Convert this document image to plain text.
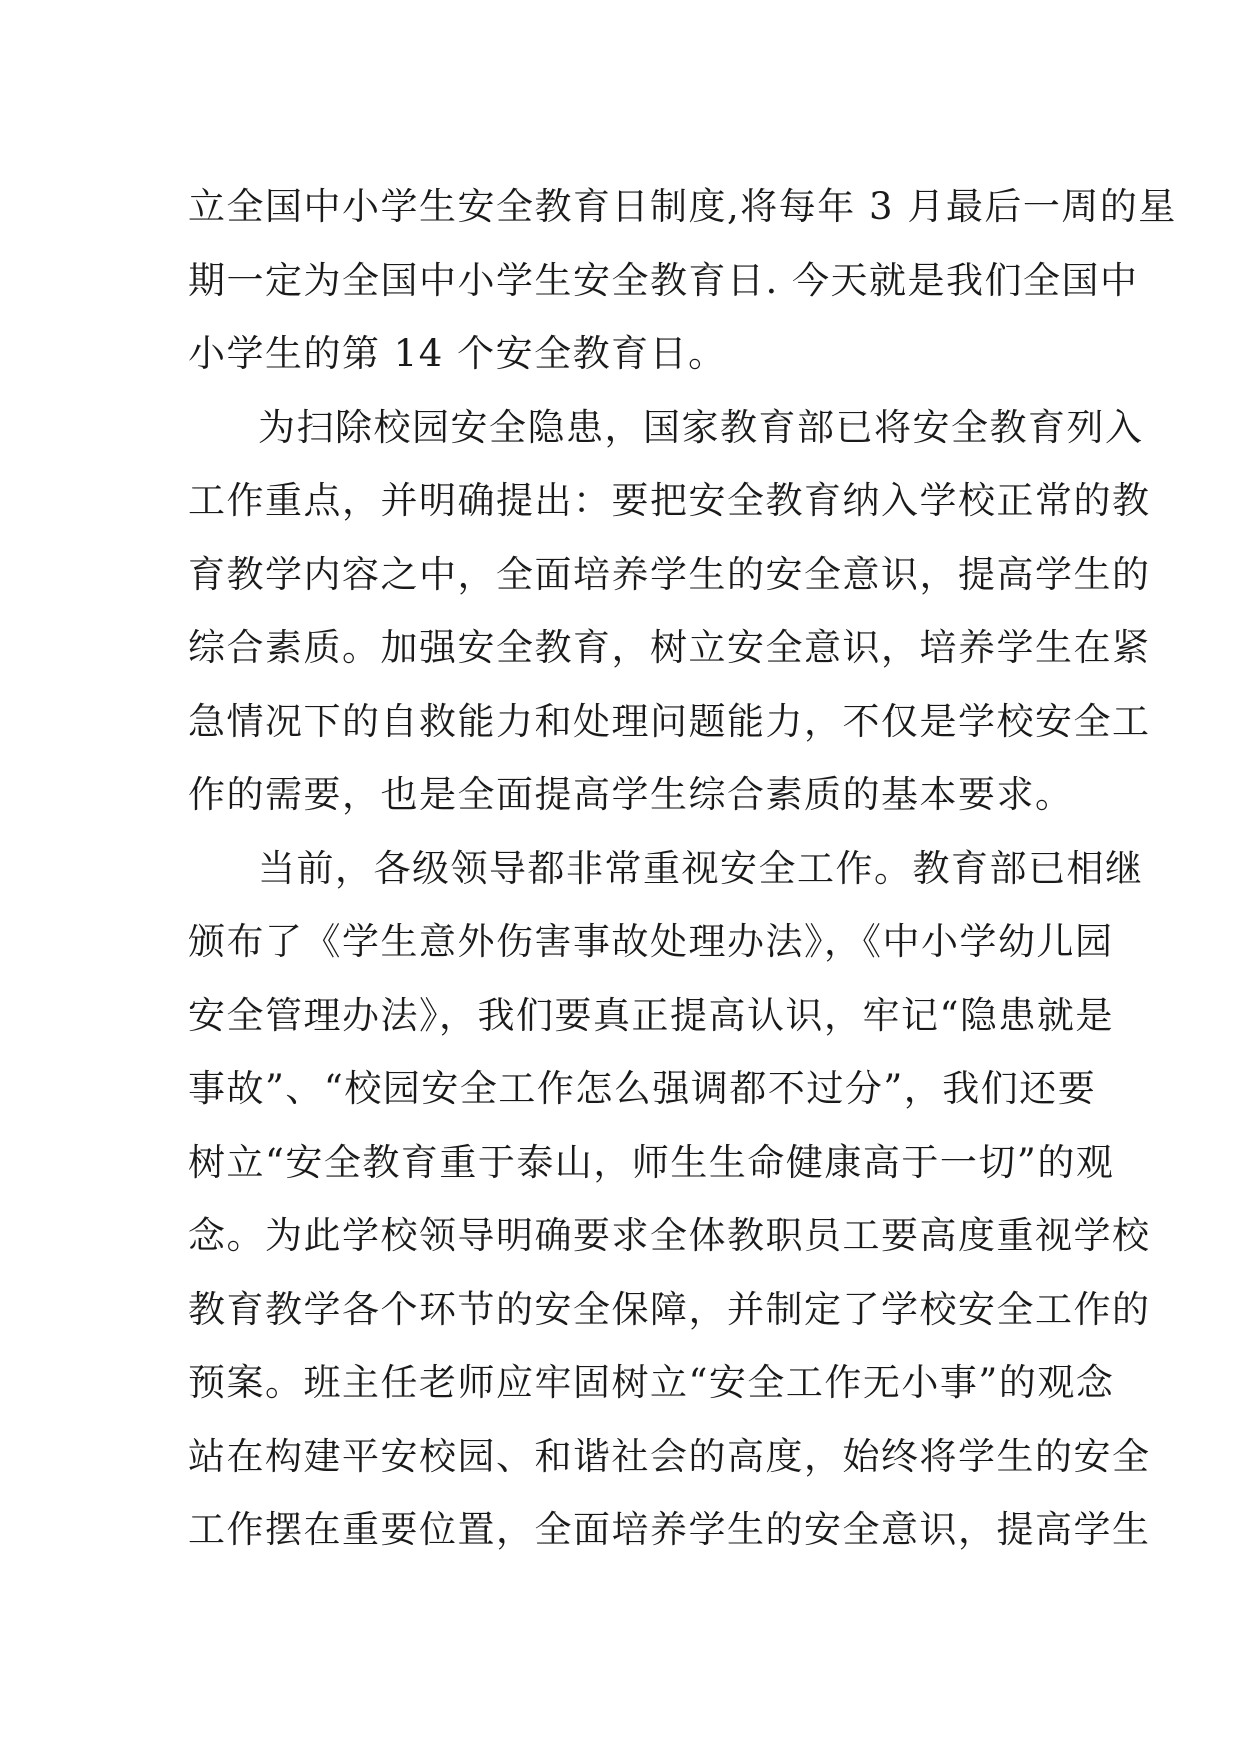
立全国中小学生安全教育日制度,将每年 3 月最后一周的星
期一定为全国中小学生安全教育日. 今天就是我们全国中
小学生的第 14 个安全教育日。
为扫除校园安全隐患，国家教育部已将安全教育列入
工作重点，并明确提出：要把安全教育纳入学校正常的教
育教学内容之中，全面培养学生的安全意识，提高学生的
综合素质。加强安全教育，树立安全意识，培养学生在紧
急情况下的自救能力和处理问题能力，不仅是学校安全工
作的需要，也是全面提高学生综合素质的基本要求。
当前，各级领导都非常重视安全工作。教育部已相继
颁布了《学生意外伤害事故处理办法》，《中小学幼儿园
安全管理办法》，我们要真正提高认识，牢记“隐患就是
事故”、“校园安全工作怎么强调都不过分”，我们还要
树立“安全教育重于泰山，师生生命健康高于一切”的观
念。为此学校领导明确要求全体教职员工要高度重视学校
教育教学各个环节的安全保障，并制定了学校安全工作的
预案。班主任老师应牢固树立“安全工作无小事”的观念
站在构建平安校园、和谐社会的高度，始终将学生的安全
工作摆在重要位置，全面培养学生的安全意识，提高学生
